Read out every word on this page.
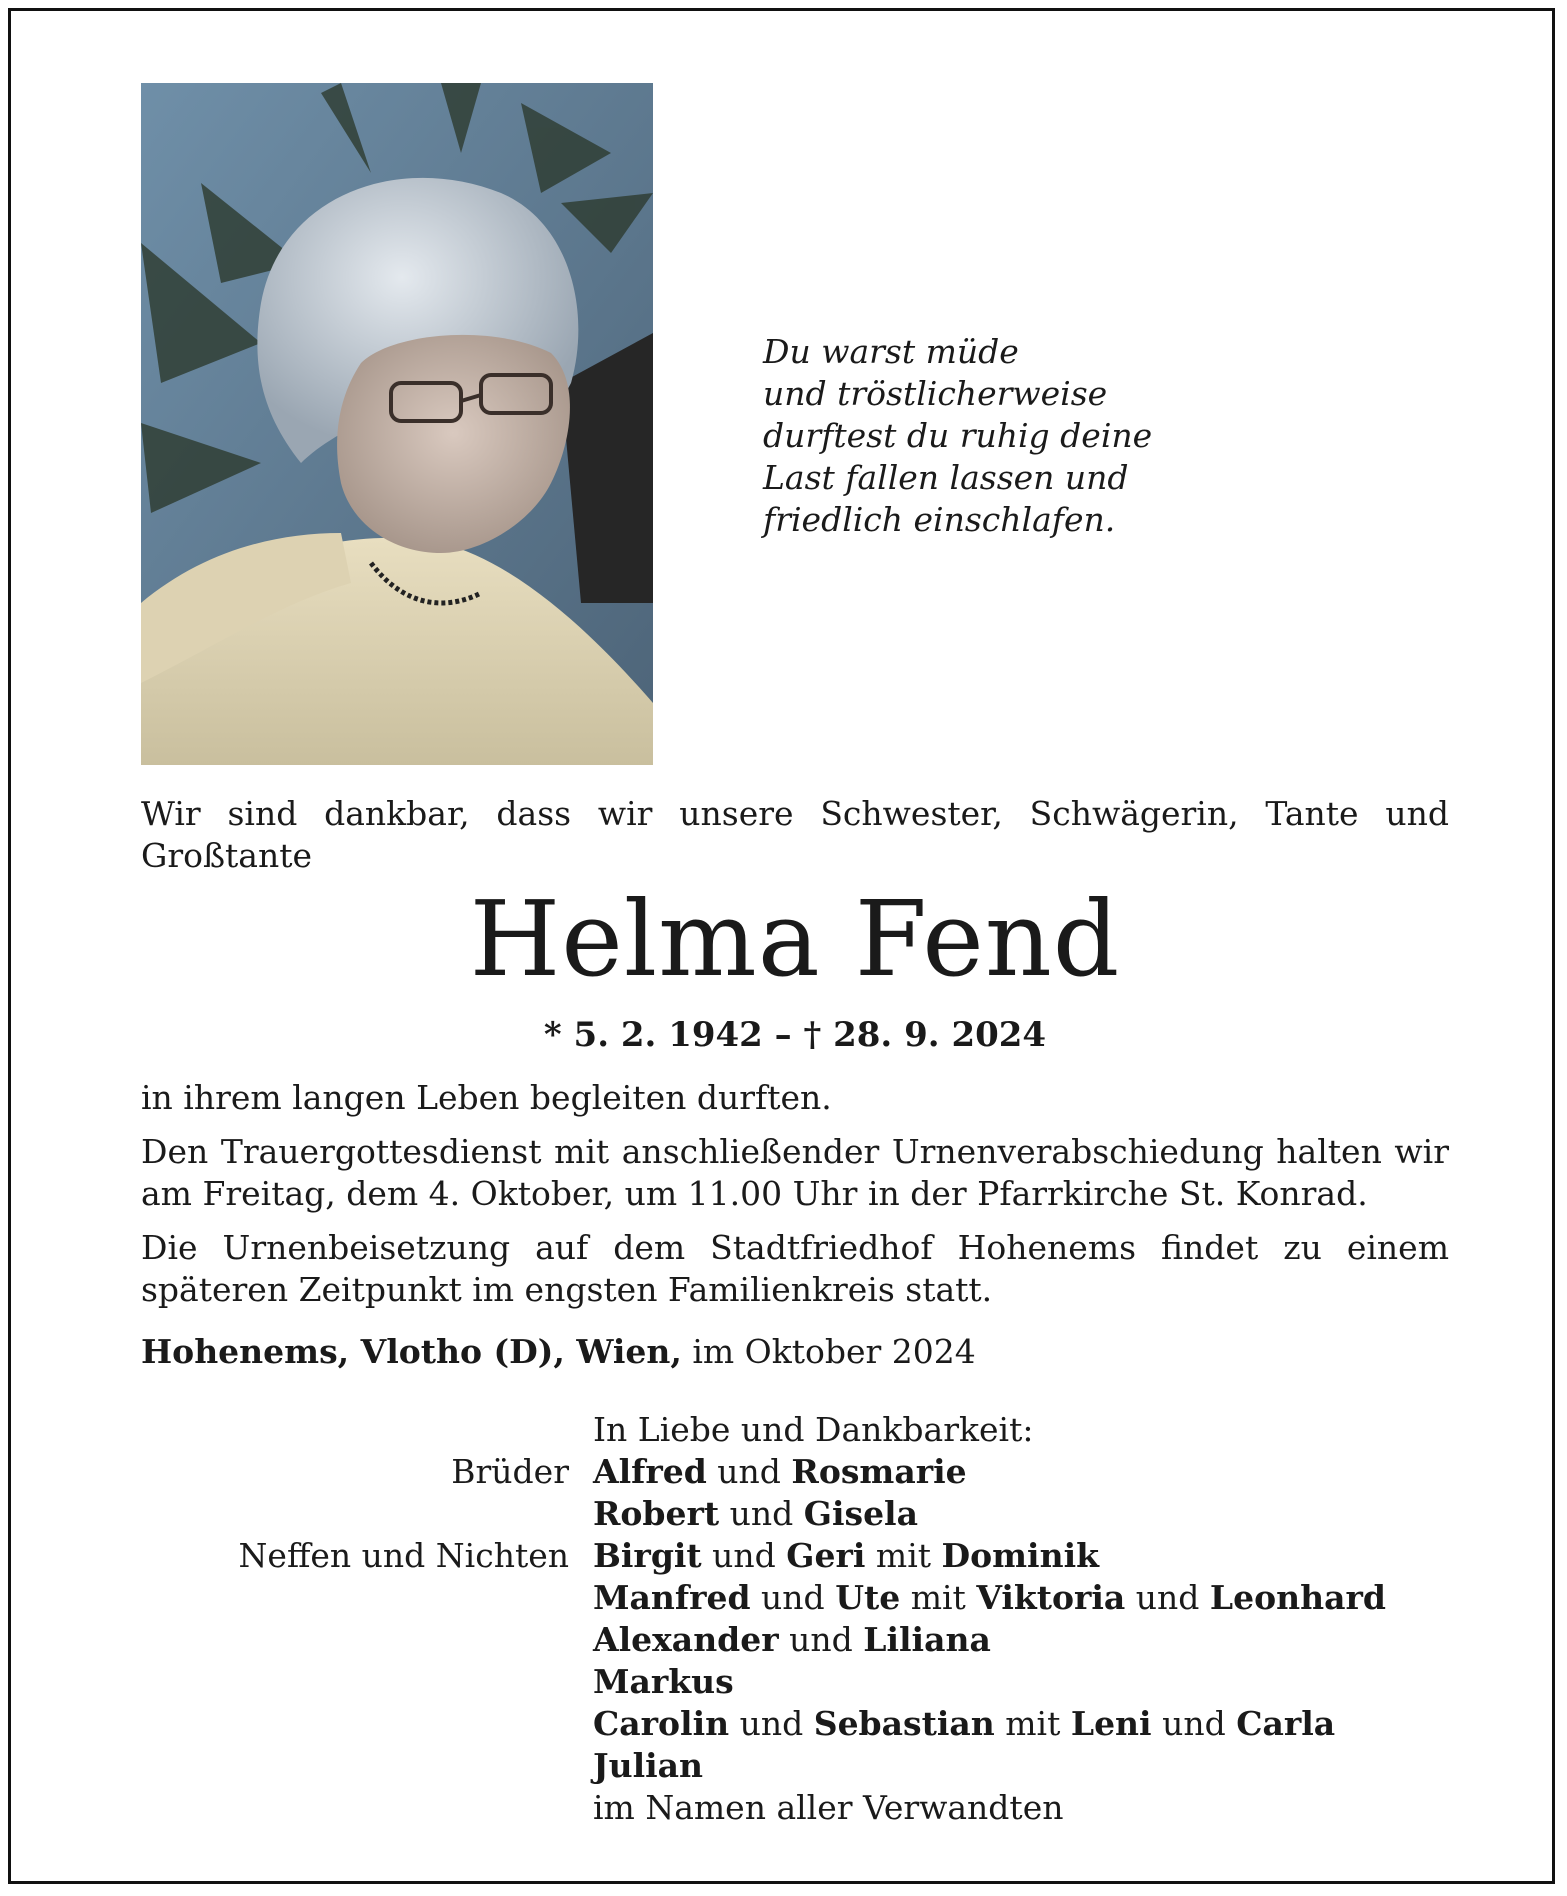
Du warst müde
und tröstlicherweise
durftest du ruhig deine
Last fallen lassen und
friedlich einschlafen.
Wir sind dankbar, dass wir unsere Schwester, Schwägerin, Tante und Großtante
Helma Fend
* 5. 2. 1942 – † 28. 9. 2024
in ihrem langen Leben begleiten durften.
Den Trauergottesdienst mit anschließender Urnenverabschiedung halten wir am Freitag, dem 4. Oktober, um 11.00 Uhr in der Pfarrkirche St. Konrad.
Die Urnenbeisetzung auf dem Stadtfriedhof Hohenems findet zu einem späteren Zeitpunkt im engsten Familienkreis statt.
Hohenems, Vlotho (D), Wien, im Oktober 2024
In Liebe und Dankbarkeit:
Brüder Alfred und Rosmarie
Robert und Gisela
Neffen und Nichten Birgit und Geri mit Dominik
Manfred und Ute mit Viktoria und Leonhard
Alexander und Liliana
Markus
Carolin und Sebastian mit Leni und Carla
Julian
im Namen aller Verwandten
